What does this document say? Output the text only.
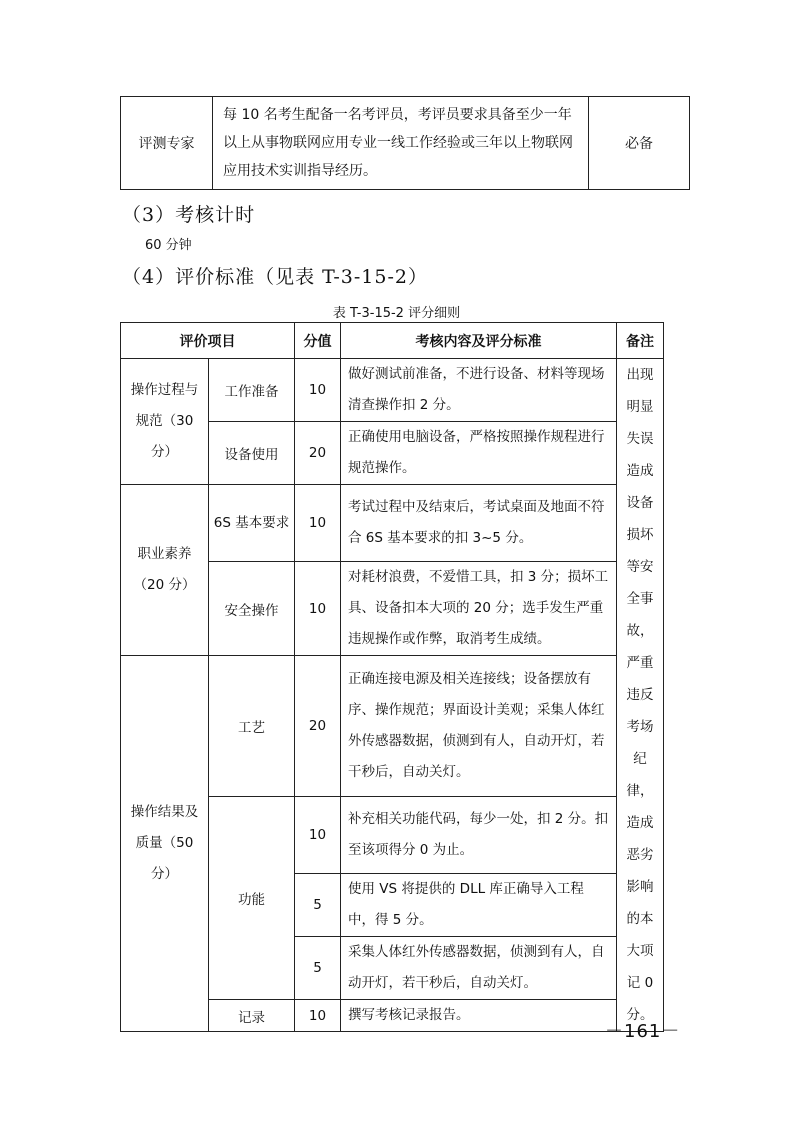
评测专家	每 10 名考生配备一名考评员，考评员要求具备至少一年以上从事物联网应用专业一线工作经验或三年以上物联网应用技术实训指导经历。	必备
（3）考核计时
60 分钟
（4）评价标准（见表 T-3-15-2）
表 T-3-15-2 评分细则
评价项目		分值	考核内容及评分标准	备注
操作过程与规范（30 分）	工作准备	10	做好测试前准备，不进行设备、材料等现场清查操作扣 2 分。	出现明显失误造成设备损坏等安全事故，严重违反考场纪律，造成恶劣影响的本大项记 0 分。
	设备使用	20	正确使用电脑设备，严格按照操作规程进行规范操作。	
职业素养（20 分）	6S 基本要求	10	考试过程中及结束后，考试桌面及地面不符合 6S 基本要求的扣 3~5 分。	
	安全操作	10	对耗材浪费，不爱惜工具，扣 3 分；损坏工具、设备扣本大项的 20 分；选手发生严重违规操作或作弊，取消考生成绩。	
操作结果及质量（50 分）	工艺	20	正确连接电源及相关连接线；设备摆放有序、操作规范；界面设计美观；采集人体红外传感器数据，侦测到有人，自动开灯，若干秒后，自动关灯。	
	功能	10	补充相关功能代码，每少一处，扣 2 分。扣至该项得分 0 为止。	
		5	使用 VS 将提供的 DLL 库正确导入工程中，得 5 分。	
		5	采集人体红外传感器数据，侦测到有人，自动开灯，若干秒后，自动关灯。	
	记录	10	撰写考核记录报告。	
－161－
